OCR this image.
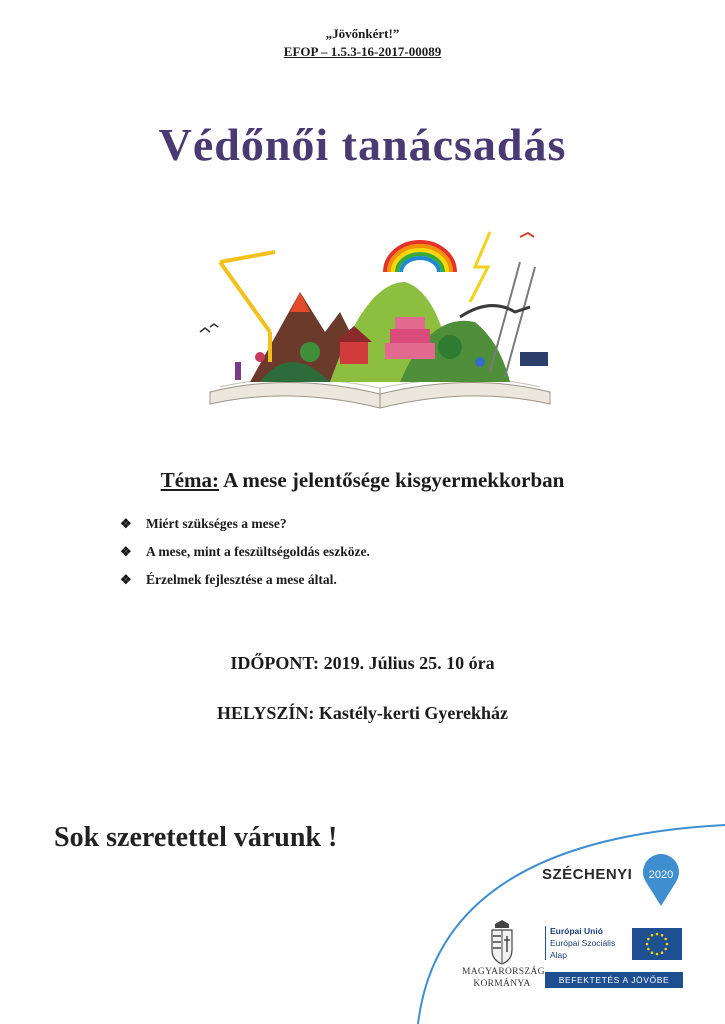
„Jövőnkért!”
EFOP – 1.5.3-16-2017-00089
Védőnői tanácsadás
Téma: A mese jelentősége kisgyermekkorban
❖ Miért szükséges a mese?
❖ A mese, mint a feszültségoldás eszköze.
❖ Érzelmek fejlesztése a mese által.
IDŐPONT: 2019. Július 25. 10 óra
HELYSZÍN: Kastély-kerti Gyerekház
Sok szeretettel várunk !
SZÉCHENYI	2020
MAGYARORSZÁG
KORMÁNYA
Európai Unió
Európai Szociális
Alap
BEFEKTETÉS A JÖVŐBE
